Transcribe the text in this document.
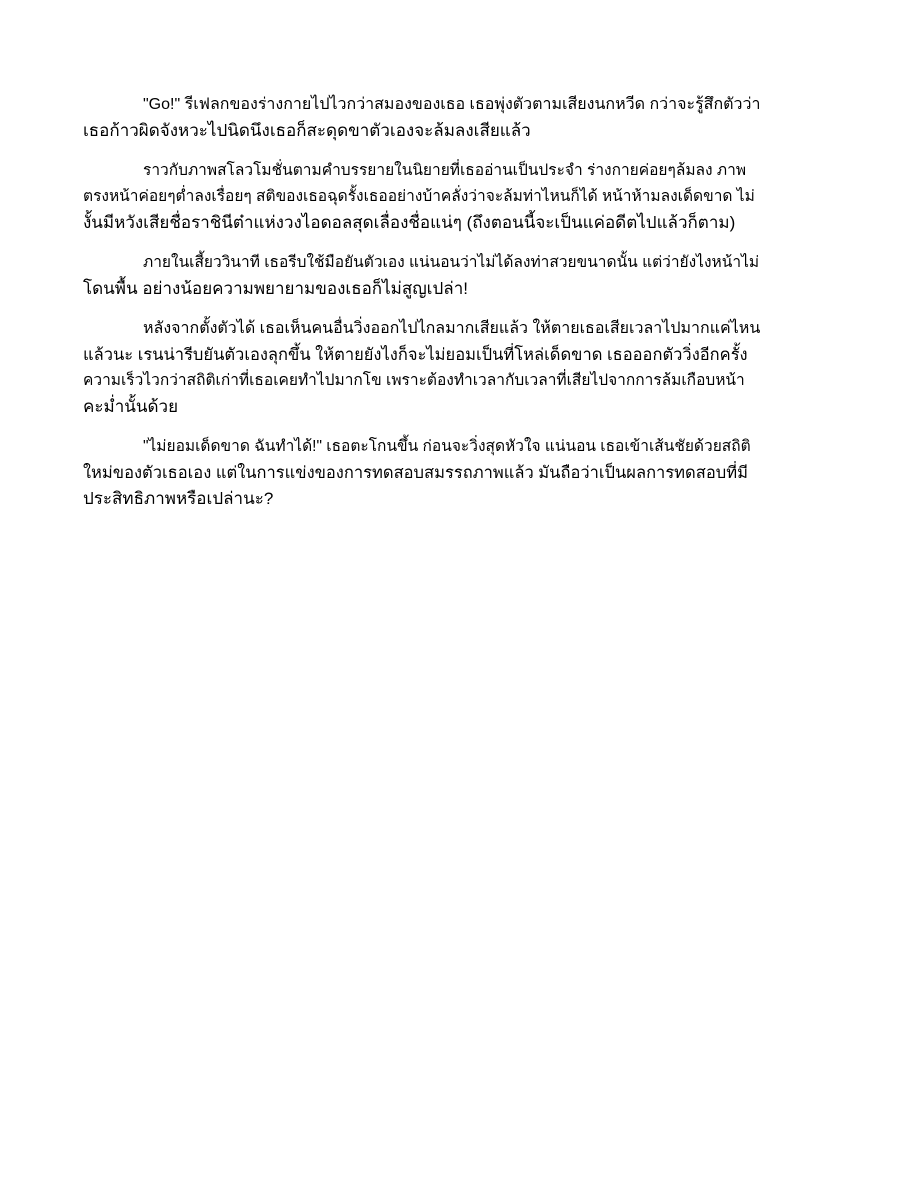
"Go!" รีเฟลกของร่างกายไปไวกว่าสมองของเธอ เธอพุ่งตัวตามเสียงนกหวีด กว่าจะรู้สึกตัวว่า
เธอก้าวผิดจังหวะไปนิดนึงเธอก็สะดุดขาตัวเองจะล้มลงเสียแล้ว

ราวกับภาพสโลวโมชั่นตามคำบรรยายในนิยายที่เธออ่านเป็นประจำ ร่างกายค่อยๆล้มลง ภาพ
ตรงหน้าค่อยๆต่ำลงเรื่อยๆ สติของเธอฉุดรั้งเธออย่างบ้าคลั่งว่าจะล้มท่าไหนก็ได้ หน้าห้ามลงเด็ดขาด ไม่
งั้นมีหวังเสียชื่อราชินีต๋าแห่งวงไอดอลสุดเลื่องชื่อแน่ๆ (ถึงตอนนี้จะเป็นแค่อดีตไปแล้วก็ตาม)

ภายในเสี้ยววินาที เธอรีบใช้มือยันตัวเอง แน่นอนว่าไม่ได้ลงท่าสวยขนาดนั้น แต่ว่ายังไงหน้าไม่
โดนพื้น อย่างน้อยความพยายามของเธอก็ไม่สูญเปล่า!

หลังจากตั้งตัวได้ เธอเห็นคนอื่นวิ่งออกไปไกลมากเสียแล้ว ให้ตายเธอเสียเวลาไปมากแค่ไหน
แล้วนะ เรนน่ารีบยันตัวเองลุกขึ้น ให้ตายยังไงก็จะไม่ยอมเป็นที่โหล่เด็ดขาด เธอออกตัววิ่งอีกครั้ง
ความเร็วไวกว่าสถิติเก่าที่เธอเคยทำไปมากโข เพราะต้องทำเวลากับเวลาที่เสียไปจากการล้มเกือบหน้า
คะม่ำนั้นด้วย

"ไม่ยอมเด็ดขาด ฉันทำได้!" เธอตะโกนขึ้น ก่อนจะวิ่งสุดหัวใจ แน่นอน เธอเข้าเส้นชัยด้วยสถิติ
ใหม่ของตัวเธอเอง แต่ในการแข่งของการทดสอบสมรรถภาพแล้ว มันถือว่าเป็นผลการทดสอบที่มี
ประสิทธิภาพหรือเปล่านะ?
